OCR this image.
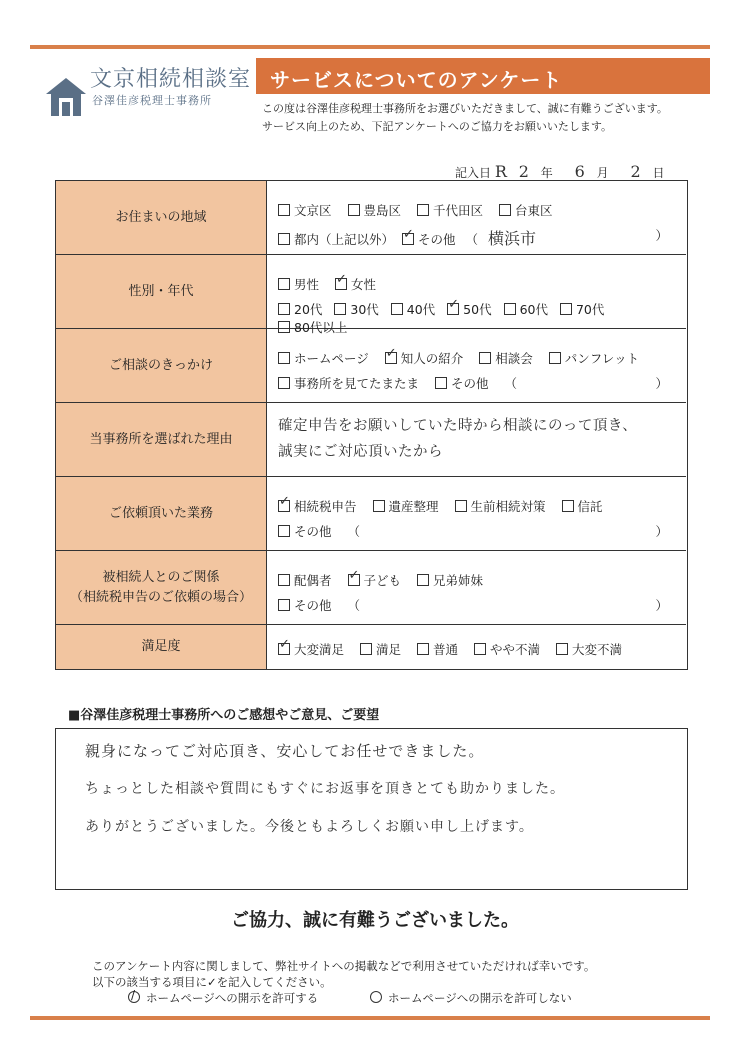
文京相続相談室
谷澤佳彦税理士事務所
サービスについてのアンケート
この度は谷澤佳彦税理士事務所をお選びいただきまして、誠に有難うございます。
サービス向上のため、下記アンケートへのご協力をお願いいたします。
記入日 R 2 年 6 月 2 日
お住まいの地域	文京区	豊島区	千代田区	台東区
都内（上記以外） ✓ その他 （ 横浜市	）
性別・年代	男性 ✓	女性
20代 30代 40代 ✓ 50代 60代 70代 80代以上
ご相談のきっかけ	ホームページ ✓	知人の紹介	相談会	パンフレット
事務所を見てたまたま	その他 （	）
当事務所を選ばれた理由
確定申告をお願いしていた時から相談にのって頂き、
誠実にご対応頂いたから
ご依頼頂いた業務 ✓	相続税申告	遺産整理	生前相続対策	信託
その他 （	）
被相続人とのご関係
（相続税申告のご依頼の場合）
配偶者 ✓	子ども	兄弟姉妹
その他 （	）
満足度 ✓	大変満足	満足	普通	やや不満	大変不満
■谷澤佳彦税理士事務所へのご感想やご意見、ご要望
親身になってご対応頂き、安心してお任せできました。
ちょっとした相談や質問にもすぐにお返事を頂きとても助かりました。
ありがとうございました。今後ともよろしくお願い申し上げます。
ご協力、誠に有難うございました。
このアンケート内容に関しまして、弊社サイトへの掲載などで利用させていただければ幸いです。
以下の該当する項目に✓を記入してください。
/ホームページへの開示を許可する	ホームページへの開示を許可しない
